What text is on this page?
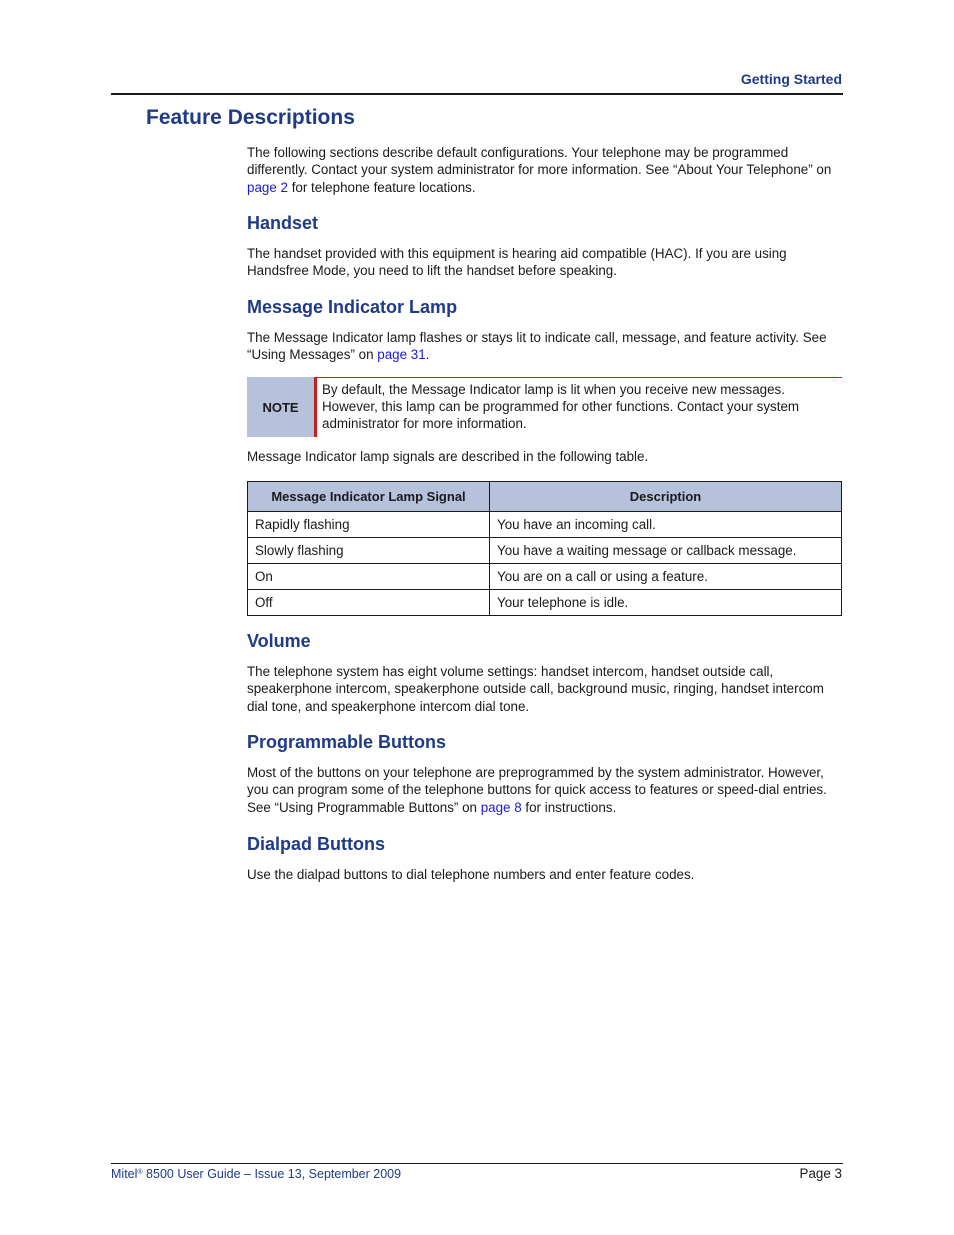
Getting Started
Feature Descriptions
The following sections describe default configurations. Your telephone may be programmed differently. Contact your system administrator for more information. See “About Your Telephone” on page 2 for telephone feature locations.
Handset
The handset provided with this equipment is hearing aid compatible (HAC). If you are using Handsfree Mode, you need to lift the handset before speaking.
Message Indicator Lamp
The Message Indicator lamp flashes or stays lit to indicate call, message, and feature activity. See “Using Messages” on page 31.
NOTE
By default, the Message Indicator lamp is lit when you receive new messages. However, this lamp can be programmed for other functions. Contact your system administrator for more information.
Message Indicator lamp signals are described in the following table.
Message Indicator Lamp Signal	Description
Rapidly flashing	You have an incoming call.
Slowly flashing	You have a waiting message or callback message.
On	You are on a call or using a feature.
Off	Your telephone is idle.
Volume
The telephone system has eight volume settings: handset intercom, handset outside call, speakerphone intercom, speakerphone outside call, background music, ringing, handset intercom dial tone, and speakerphone intercom dial tone.
Programmable Buttons
Most of the buttons on your telephone are preprogrammed by the system administrator. However, you can program some of the telephone buttons for quick access to features or speed-dial entries. See “Using Programmable Buttons” on page 8 for instructions.
Dialpad Buttons
Use the dialpad buttons to dial telephone numbers and enter feature codes.
Mitel® 8500 User Guide – Issue 13, September 2009	Page 3
